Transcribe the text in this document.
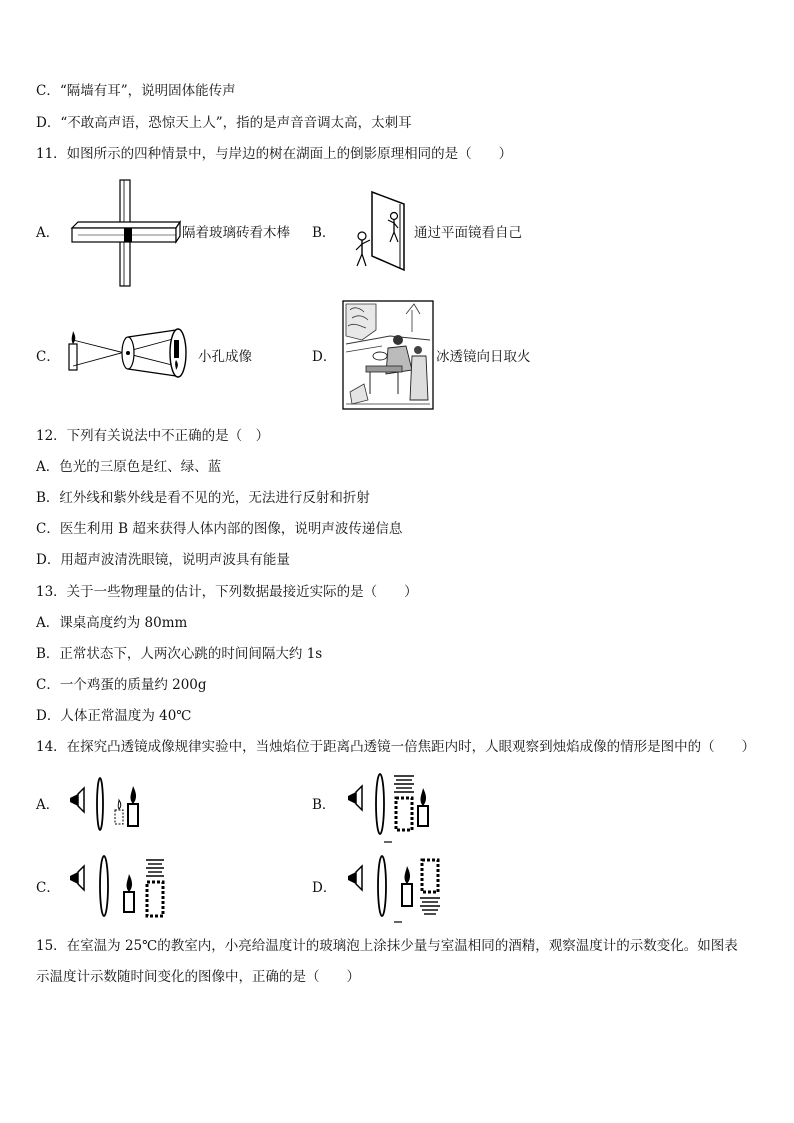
C．“隔墙有耳”，说明固体能传声
D．“不敢高声语，恐惊天上人”，指的是声音音调太高，太刺耳
11．如图所示的四种情景中，与岸边的树在湖面上的倒影原理相同的是（　　）
A．	隔着玻璃砖看木棒 B．	通过平面镜看自己
C．	小孔成像	D．	冰透镜向日取火
12．下列有关说法中不正确的是（　）
A．色光的三原色是红、绿、蓝
B．红外线和紫外线是看不见的光，无法进行反射和折射
C．医生利用 B 超来获得人体内部的图像，说明声波传递信息
D．用超声波清洗眼镜，说明声波具有能量
13．关于一些物理量的估计，下列数据最接近实际的是（　　）
A．课桌高度约为 80mm
B．正常状态下，人两次心跳的时间间隔大约 1s
C．一个鸡蛋的质量约 200g
D．人体正常温度为 40℃
14．在探究凸透镜成像规律实验中，当烛焰位于距离凸透镜一倍焦距内时，人眼观察到烛焰成像的情形是图中的（　　）
A．	B．
C．	D．
15．在室温为 25℃的教室内，小亮给温度计的玻璃泡上涂抹少量与室温相同的酒精，观察温度计的示数变化。如图表
示温度计示数随时间变化的图像中，正确的是（　　）
